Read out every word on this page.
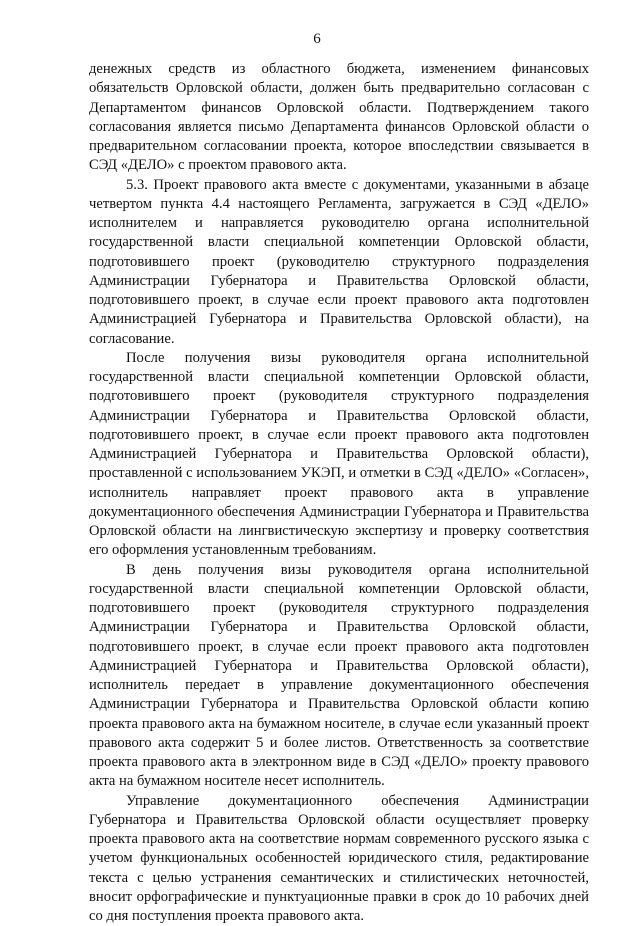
6

денежных средств из областного бюджета, изменением финансовых обязательств Орловской области, должен быть предварительно согласован с Департаментом финансов Орловской области. Подтверждением такого согласования является письмо Департамента финансов Орловской области о предварительном согласовании проекта, которое впоследствии связывается в СЭД «ДЕЛО» с проектом правового акта.

5.3. Проект правового акта вместе с документами, указанными в абзаце четвертом пункта 4.4 настоящего Регламента, загружается в СЭД «ДЕЛО» исполнителем и направляется руководителю органа исполнительной государственной власти специальной компетенции Орловской области, подготовившего проект (руководителю структурного подразделения Администрации Губернатора и Правительства Орловской области, подготовившего проект, в случае если проект правового акта подготовлен Администрацией Губернатора и Правительства Орловской области), на согласование.

После получения визы руководителя органа исполнительной государственной власти специальной компетенции Орловской области, подготовившего проект (руководителя структурного подразделения Администрации Губернатора и Правительства Орловской области, подготовившего проект, в случае если проект правового акта подготовлен Администрацией Губернатора и Правительства Орловской области), проставленной с использованием УКЭП, и отметки в СЭД «ДЕЛО» «Согласен», исполнитель направляет проект правового акта в управление документационного обеспечения Администрации Губернатора и Правительства Орловской области на лингвистическую экспертизу и проверку соответствия его оформления установленным требованиям.

В день получения визы руководителя органа исполнительной государственной власти специальной компетенции Орловской области, подготовившего проект (руководителя структурного подразделения Администрации Губернатора и Правительства Орловской области, подготовившего проект, в случае если проект правового акта подготовлен Администрацией Губернатора и Правительства Орловской области), исполнитель передает в управление документационного обеспечения Администрации Губернатора и Правительства Орловской области копию проекта правового акта на бумажном носителе, в случае если указанный проект правового акта содержит 5 и более листов. Ответственность за соответствие проекта правового акта в электронном виде в СЭД «ДЕЛО» проекту правового акта на бумажном носителе несет исполнитель.

Управление документационного обеспечения Администрации Губернатора и Правительства Орловской области осуществляет проверку проекта правового акта на соответствие нормам современного русского языка с учетом функциональных особенностей юридического стиля, редактирование текста с целью устранения семантических и стилистических неточностей, вносит орфографические и пунктуационные правки в срок до 10 рабочих дней со дня поступления проекта правового акта.
